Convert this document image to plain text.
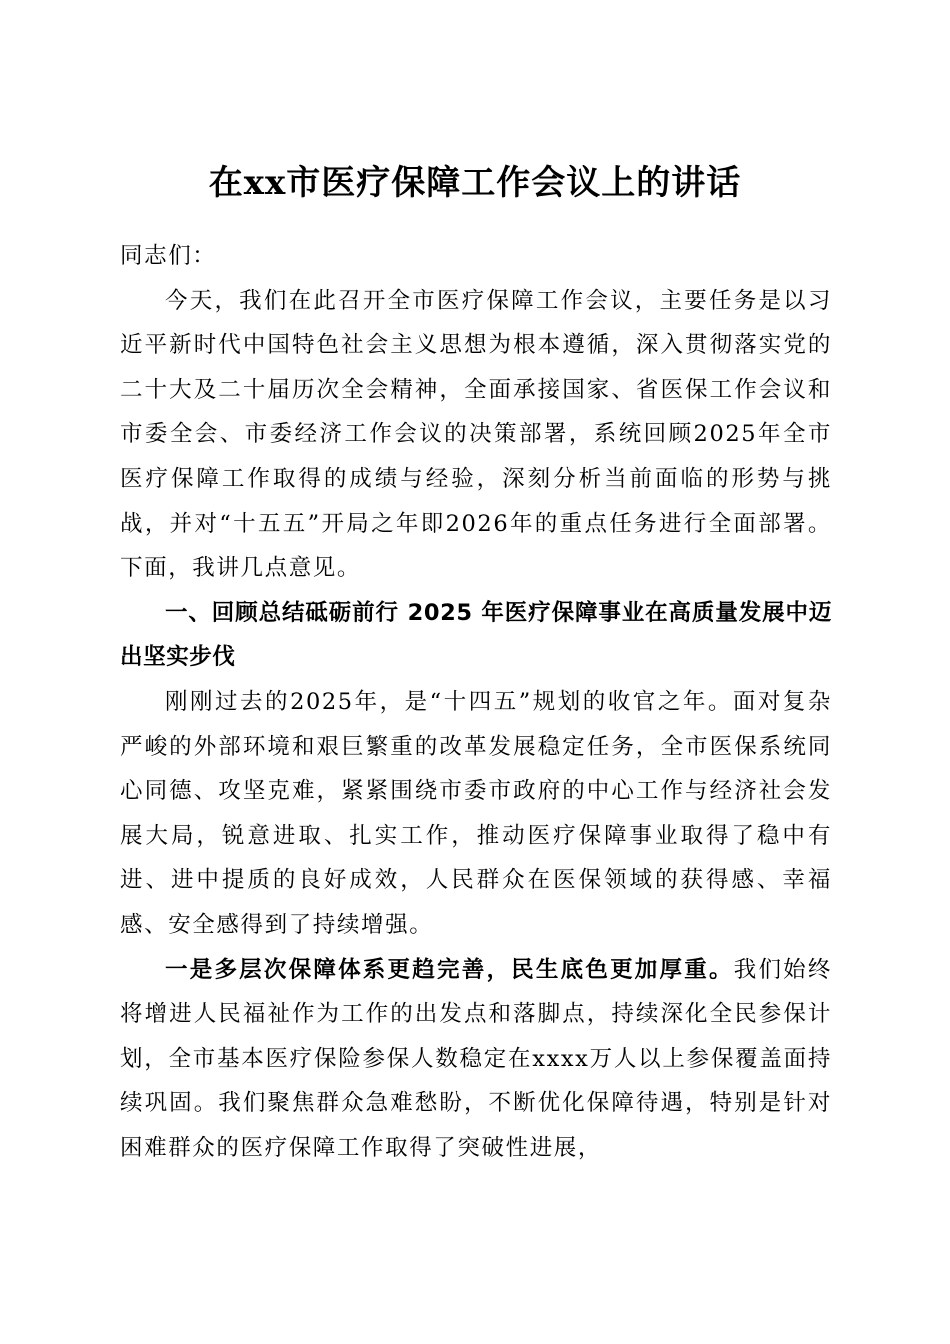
在xx市医疗保障工作会议上的讲话

同志们：

今天，我们在此召开全市医疗保障工作会议，主要任务是以习近平新时代中国特色社会主义思想为根本遵循，深入贯彻落实党的二十大及二十届历次全会精神，全面承接国家、省医保工作会议和市委全会、市委经济工作会议的决策部署，系统回顾2025年全市医疗保障工作取得的成绩与经验，深刻分析当前面临的形势与挑战，并对“十五五”开局之年即2026年的重点任务进行全面部署。下面，我讲几点意见。

一、回顾总结砥砺前行 2025 年医疗保障事业在高质量发展中迈出坚实步伐

刚刚过去的2025年，是“十四五”规划的收官之年。面对复杂严峻的外部环境和艰巨繁重的改革发展稳定任务，全市医保系统同心同德、攻坚克难，紧紧围绕市委市政府的中心工作与经济社会发展大局，锐意进取、扎实工作，推动医疗保障事业取得了稳中有进、进中提质的良好成效，人民群众在医保领域的获得感、幸福感、安全感得到了持续增强。

一是多层次保障体系更趋完善，民生底色更加厚重。我们始终将增进人民福祉作为工作的出发点和落脚点，持续深化全民参保计划，全市基本医疗保险参保人数稳定在xxxx万人以上参保覆盖面持续巩固。我们聚焦群众急难愁盼，不断优化保障待遇，特别是针对困难群众的医疗保障工作取得了突破性进展，
